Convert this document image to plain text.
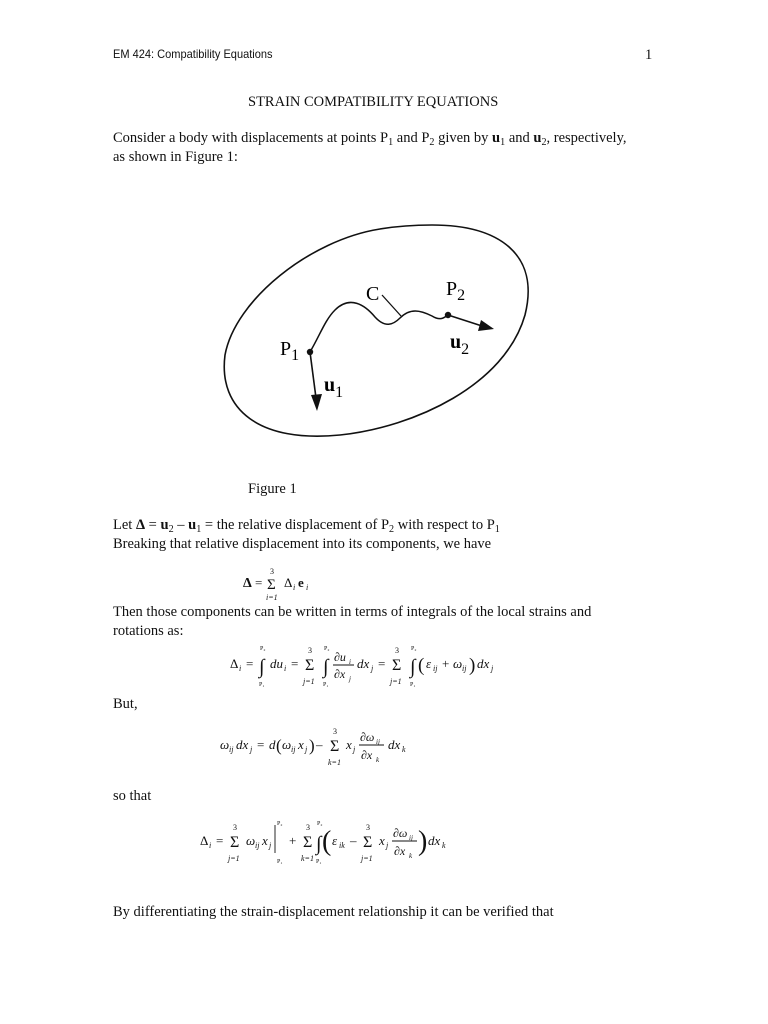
EM 424: Compatibility Equations	1
STRAIN COMPATIBILITY EQUATIONS
Consider a body with displacements at points $P_1$ and $P_2$ given by $u_1$ and $u_2$, respectively,
as shown in Figure 1:
C	$P_2$
$P_1$
$u_2$
$u_1$
Figure 1
Let $\Delta = u_2 - u_1$ = the relative displacement of $P_2$ with respect to $P_1$
Breaking that relative displacement into its components, we have
Δ =
3
Σ
i=1
Δ i e i
Then those components can be written in terms of integrals of the local strains and
rotations as:
Δ i =
P₂
∫
P₁
du i =
3
Σ
j=1
P₂
∫
P₁
∂u i
∂x j
dx j =
3
Σ
j=1
P₂
∫
P₁
( ε ij + ω ij ) dx j
But,
ω ij dx j = d ( ω ij x j ) –
3
Σ
k=1
x j
∂ω ij
∂x k
dx k
so that
Δ i =
3
Σ
j=1
ω ij x j
P₂
P₁
+
3
Σ
k=1
P₂
∫
P₁
( ε ik –
3
Σ
j=1
x j
∂ω ij
∂x k ) dx k
By differentiating the strain-displacement relationship it can be verified that
